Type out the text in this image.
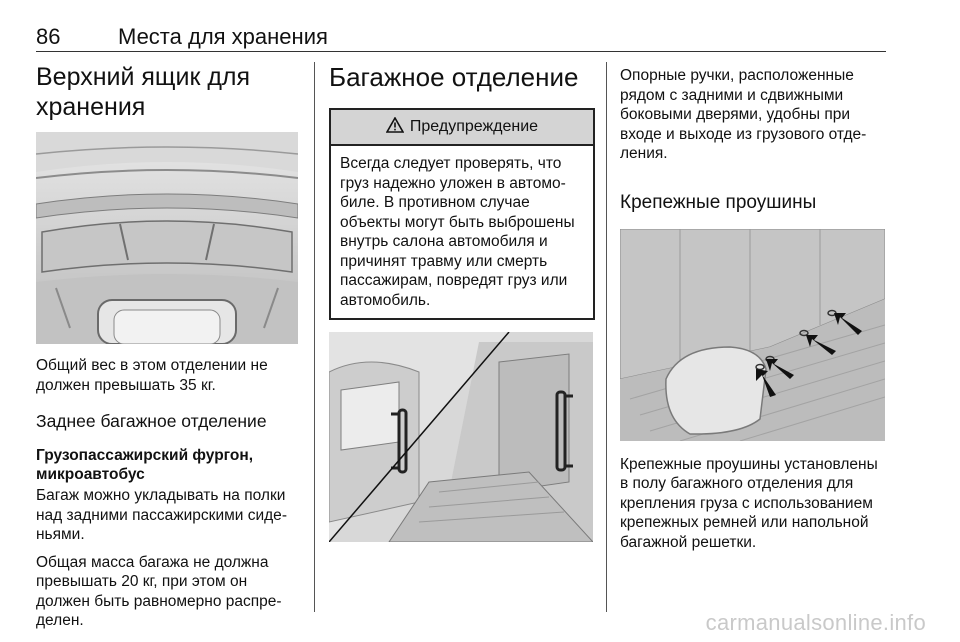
86	Места для хранения
Верхний ящик для хранения

Общий вес в этом отделении не должен превышать 35 кг.

Заднее багажное отделение
Грузопассажирский фургон, микроавтобус

Багаж можно укладывать на полки над задними пассажирскими сиденьями.

Общая масса багажа не должна превышать 20 кг, при этом он должен быть равномерно распределен.

Багажное отделение
Предупреждение
Всегда следует проверять, что груз надежно уложен в автомобиле. В противном случае объекты могут быть выброшены внутрь салона автомобиля и причинят травму или смерть пассажирам, повредят груз или автомобиль.

Опорные ручки, расположенные рядом с задними и сдвижными боковыми дверями, удобны при входе и выходе из грузового отделения.

Крепежные проушины

Крепежные проушины установлены в полу багажного отделения для крепления груза с использованием крепежных ремней или напольной багажной решетки.

carmanualsonline.info
